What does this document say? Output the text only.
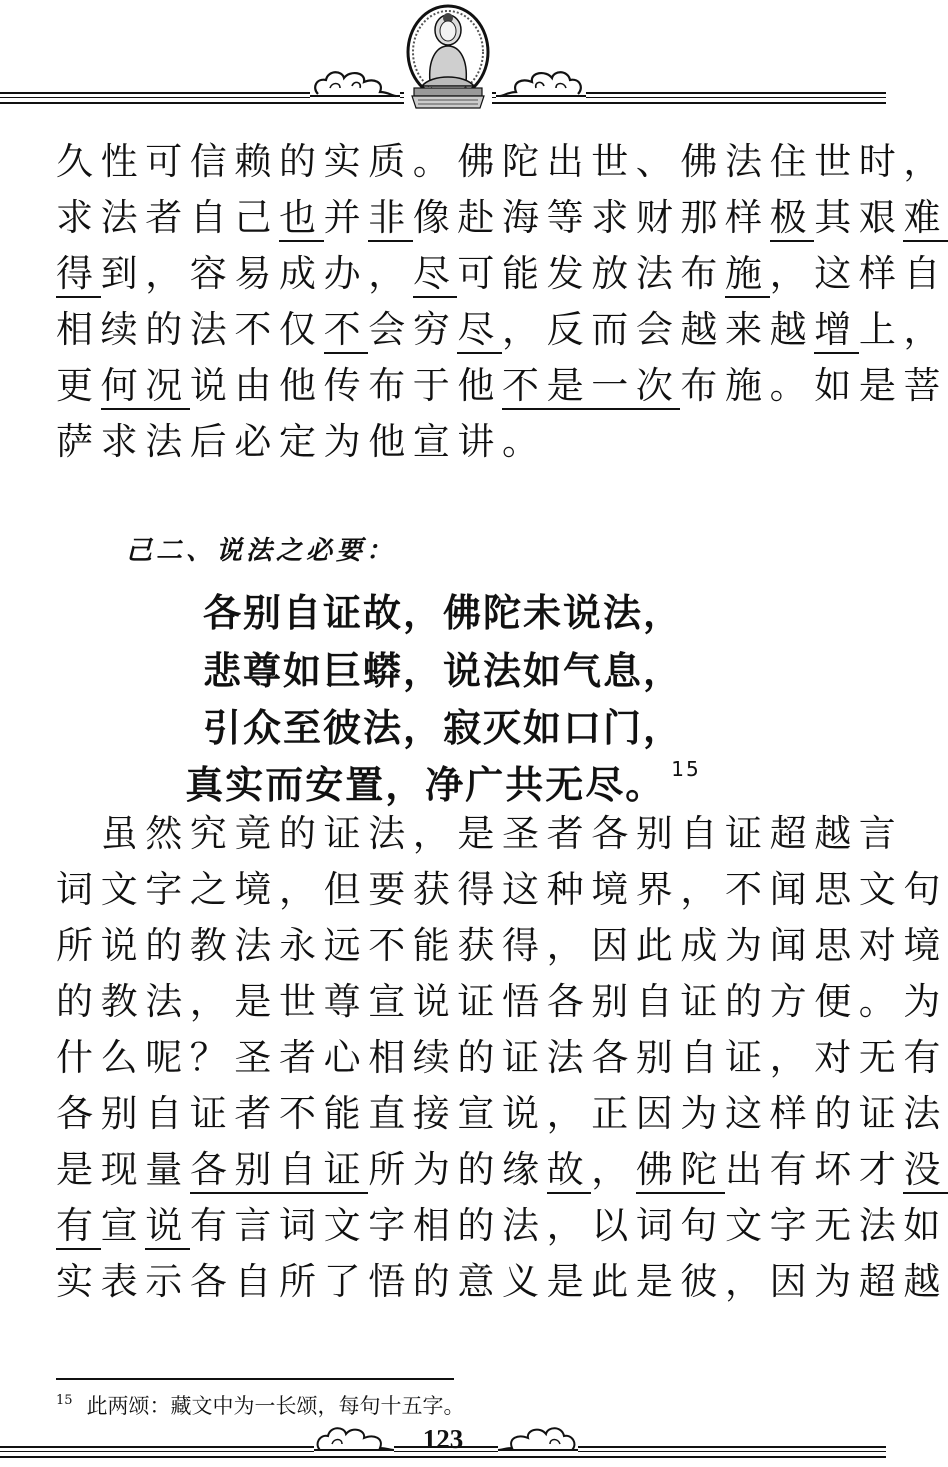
久性可信赖的实质。佛陀出世、佛法住世时，
求法者自己也并非像赴海等求财那样极其艰难
得到，容易成办，尽可能发放法布施，这样自
相续的法不仅不会穷尽，反而会越来越增上，
更何况说由他传布于他不是一次布施。如是菩
萨求法后必定为他宣讲。
己二、说法之必要：
各别自证故，佛陀未说法，
悲尊如巨蟒，说法如气息，
引众至彼法，寂灭如口门，
真实而安置，净广共无尽。 $^{15}$
　虽然究竟的证法，是圣者各别自证超越言
词文字之境，但要获得这种境界，不闻思文句
所说的教法永远不能获得，因此成为闻思对境
的教法，是世尊宣说证悟各别自证的方便。为
什么呢？圣者心相续的证法各别自证，对无有
各别自证者不能直接宣说，正因为这样的证法
是现量各别自证所为的缘故，佛陀出有坏才没
有宣说有言词文字相的法，以词句文字无法如
实表示各自所了悟的意义是此是彼，因为超越
$^{15}$ 此两颂：藏文中为一长颂，每句十五字。
123
